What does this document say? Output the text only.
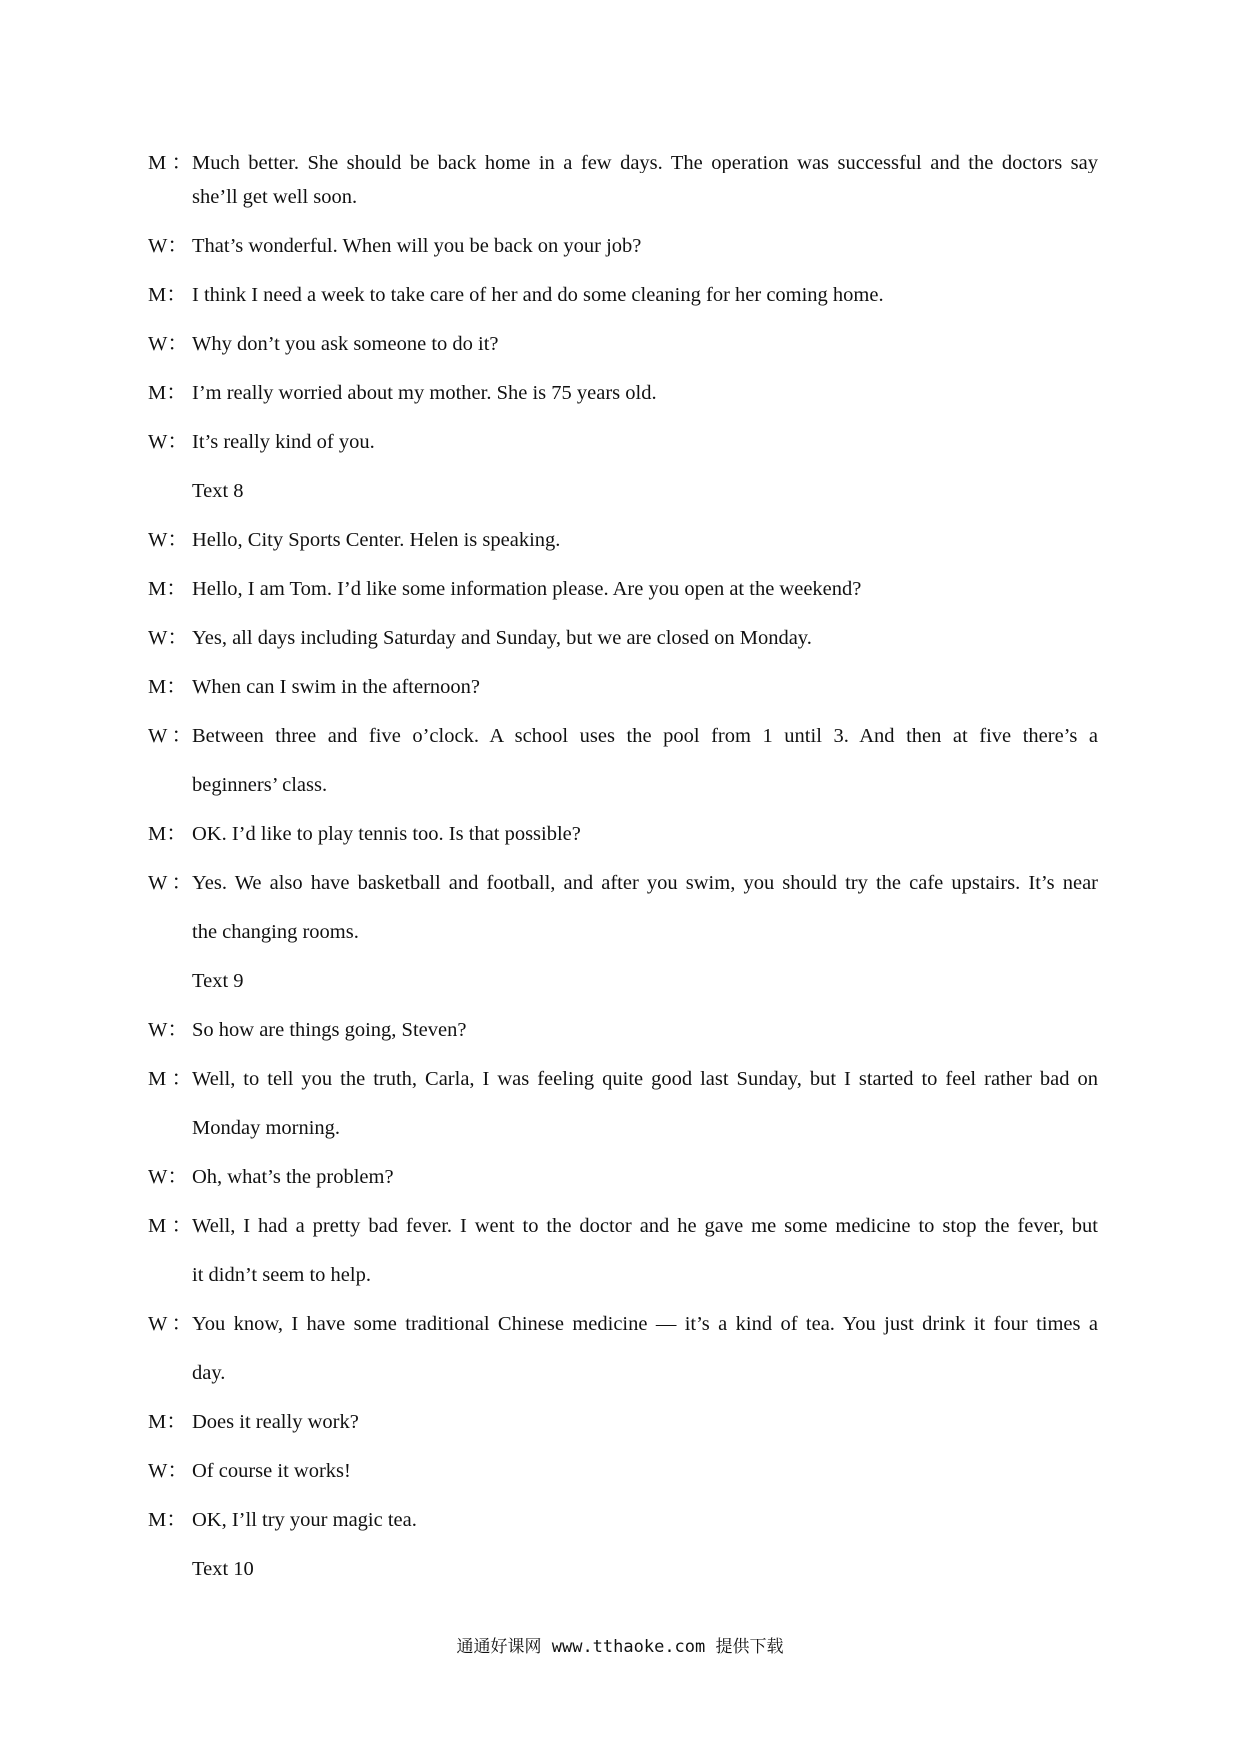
M：Much better. She should be back home in a few days. The operation was successful and the doctors say
she’ll get well soon.
W： That’s wonderful. When will you be back on your job?
M： I think I need a week to take care of her and do some cleaning for her coming home.
W： Why don’t you ask someone to do it?
M： I’m really worried about my mother. She is 75 years old.
W： It’s really kind of you.
Text 8
W： Hello, City Sports Center. Helen is speaking.
M： Hello, I am Tom. I’d like some information please. Are you open at the weekend?
W： Yes, all days including Saturday and Sunday, but we are closed on Monday.
M： When can I swim in the afternoon?
W：Between three and five o’clock. A school uses the pool from 1 until 3. And then at five there’s a
beginners’ class.
M： OK. I’d like to play tennis too. Is that possible?
W：Yes. We also have basketball and football, and after you swim, you should try the cafe upstairs. It’s near
the changing rooms.
Text 9
W： So how are things going, Steven?
M：Well, to tell you the truth, Carla, I was feeling quite good last Sunday, but I started to feel rather bad on
Monday morning.
W： Oh, what’s the problem?
M：Well, I had a pretty bad fever. I went to the doctor and he gave me some medicine to stop the fever, but
it didn’t seem to help.
W：You know, I have some traditional Chinese medicine — it’s a kind of tea. You just drink it four times a
day.
M： Does it really work?
W： Of course it works!
M： OK, I’ll try your magic tea.
Text 10
通通好课网 www.tthaoke.com 提供下载
